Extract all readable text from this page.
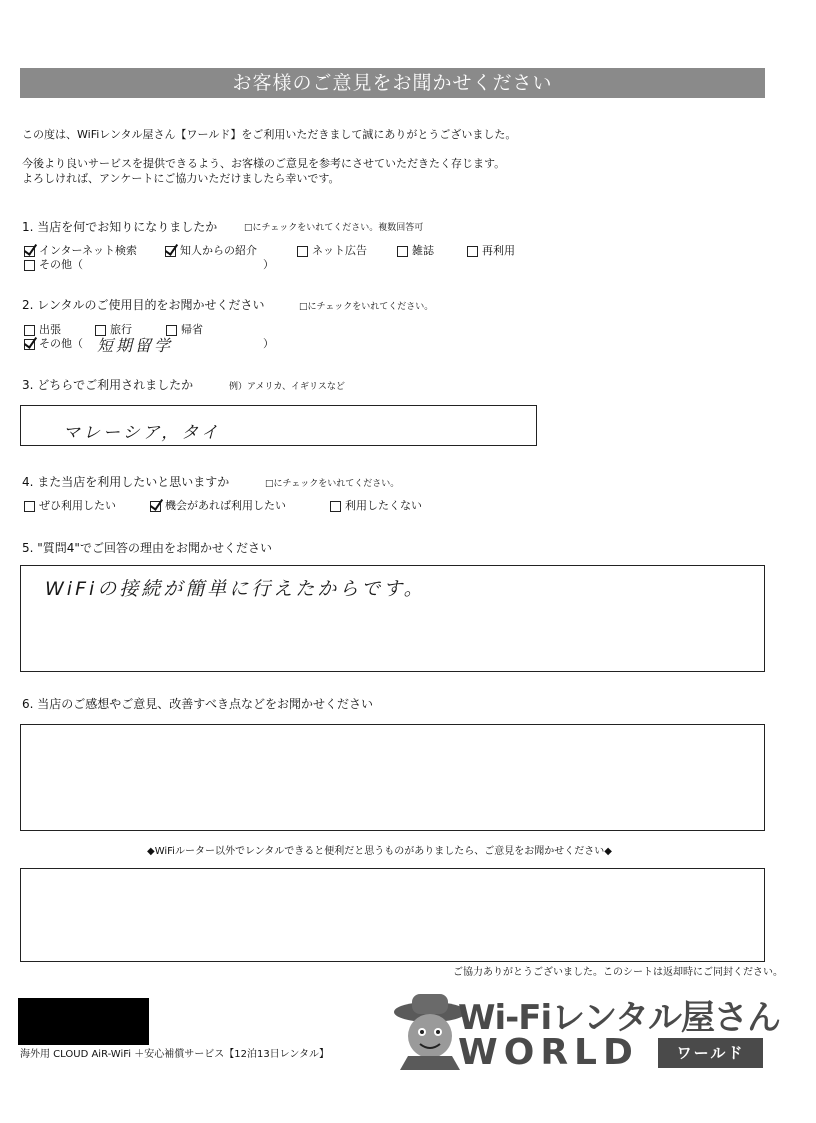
お客様のご意見をお聞かせください
この度は、WiFiレンタル屋さん【ワールド】をご利用いただきまして誠にありがとうございました。
今後より良いサービスを提供できるよう、お客様のご意見を参考にさせていただきたく存じます。
よろしければ、アンケートにご協力いただけましたら幸いです。
1. 当店を何でお知りになりましたか	□にチェックをいれてください。複数回答可
インターネット検索	知人からの紹介	ネット広告	雑誌	再利用
その他（	）
2. レンタルのご使用目的をお聞かせください	□にチェックをいれてください。
出張	旅行	帰省
その他（ 短期留学	）
3. どちらでご利用されましたか	例）アメリカ、イギリスなど
マレーシア，タイ
4. また当店を利用したいと思いますか	□にチェックをいれてください。
ぜひ利用したい	機会があれば利用したい	利用したくない
5. "質問4"でご回答の理由をお聞かせください
WiFiの接続が簡単に行えたからです。
6. 当店のご感想やご意見、改善すべき点などをお聞かせください
◆WiFiルーター以外でレンタルできると便利だと思うものがありましたら、ご意見をお聞かせください◆
ご協力ありがとうございました。このシートは返却時にご同封ください。
海外用 CLOUD AiR-WiFi ＋安心補償サービス【12泊13日レンタル】
Wi-Fiレンタル屋さん
WORLD	ワールド
